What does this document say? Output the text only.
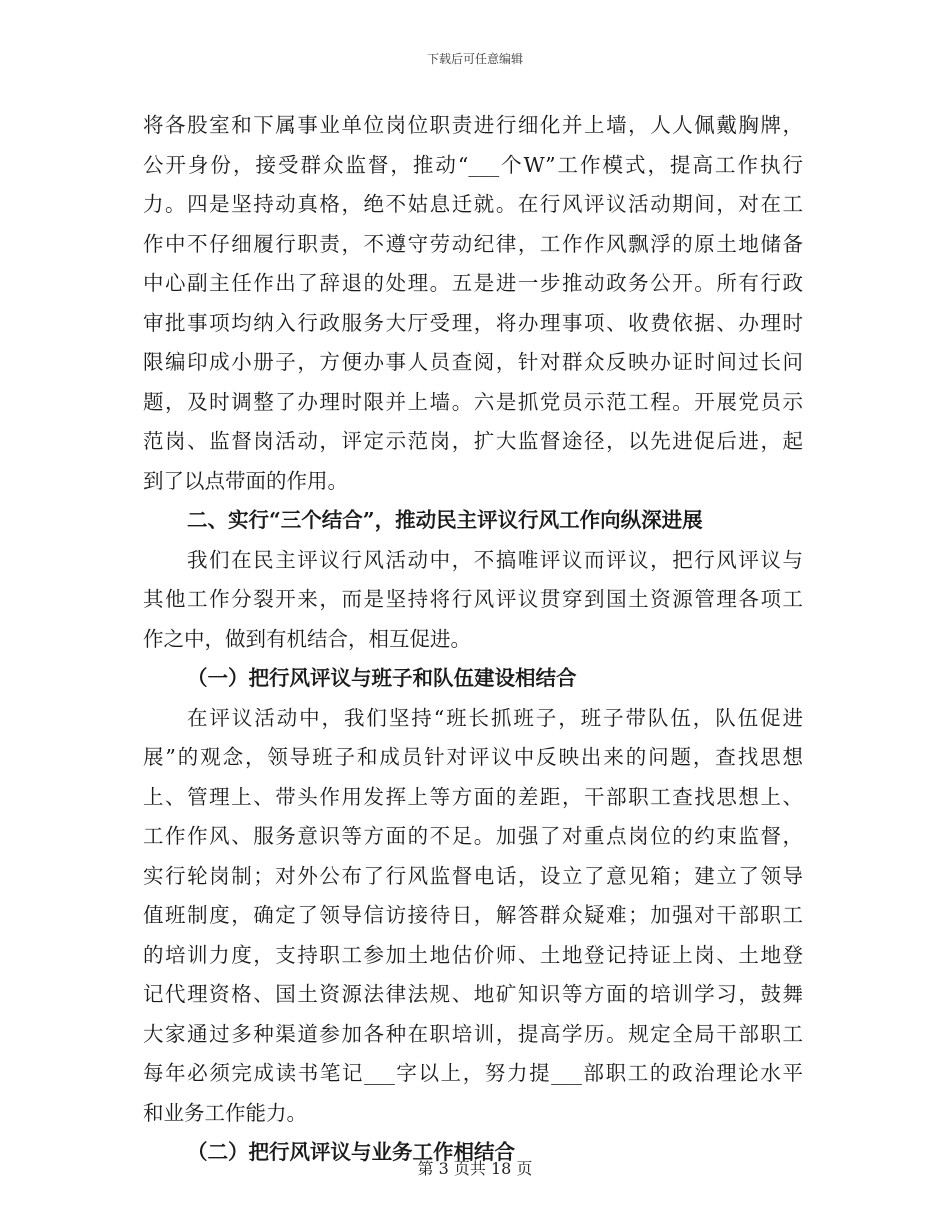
下载后可任意编辑
将各股室和下属事业单位岗位职责进行细化并上墙，人人佩戴胸牌，
公开身份，接受群众监督，推动“___个W”工作模式，提高工作执行
力。四是坚持动真格，绝不姑息迁就。在行风评议活动期间，对在工
作中不仔细履行职责，不遵守劳动纪律，工作作风飘浮的原土地储备
中心副主任作出了辞退的处理。五是进一步推动政务公开。所有行政
审批事项均纳入行政服务大厅受理，将办理事项、收费依据、办理时
限编印成小册子，方便办事人员查阅，针对群众反映办证时间过长问
题，及时调整了办理时限并上墙。六是抓党员示范工程。开展党员示
范岗、监督岗活动，评定示范岗，扩大监督途径，以先进促后进，起
到了以点带面的作用。
二、实行“三个结合”，推动民主评议行风工作向纵深进展
我们在民主评议行风活动中，不搞唯评议而评议，把行风评议与
其他工作分裂开来，而是坚持将行风评议贯穿到国土资源管理各项工
作之中，做到有机结合，相互促进。
（一）把行风评议与班子和队伍建设相结合
在评议活动中，我们坚持“班长抓班子，班子带队伍，队伍促进
展”的观念，领导班子和成员针对评议中反映出来的问题，查找思想
上、管理上、带头作用发挥上等方面的差距，干部职工查找思想上、
工作作风、服务意识等方面的不足。加强了对重点岗位的约束监督，
实行轮岗制；对外公布了行风监督电话，设立了意见箱；建立了领导
值班制度，确定了领导信访接待日，解答群众疑难；加强对干部职工
的培训力度，支持职工参加土地估价师、土地登记持证上岗、土地登
记代理资格、国土资源法律法规、地矿知识等方面的培训学习，鼓舞
大家通过多种渠道参加各种在职培训，提高学历。规定全局干部职工
每年必须完成读书笔记___字以上，努力提___部职工的政治理论水平
和业务工作能力。
（二）把行风评议与业务工作相结合
第 3 页共 18 页
